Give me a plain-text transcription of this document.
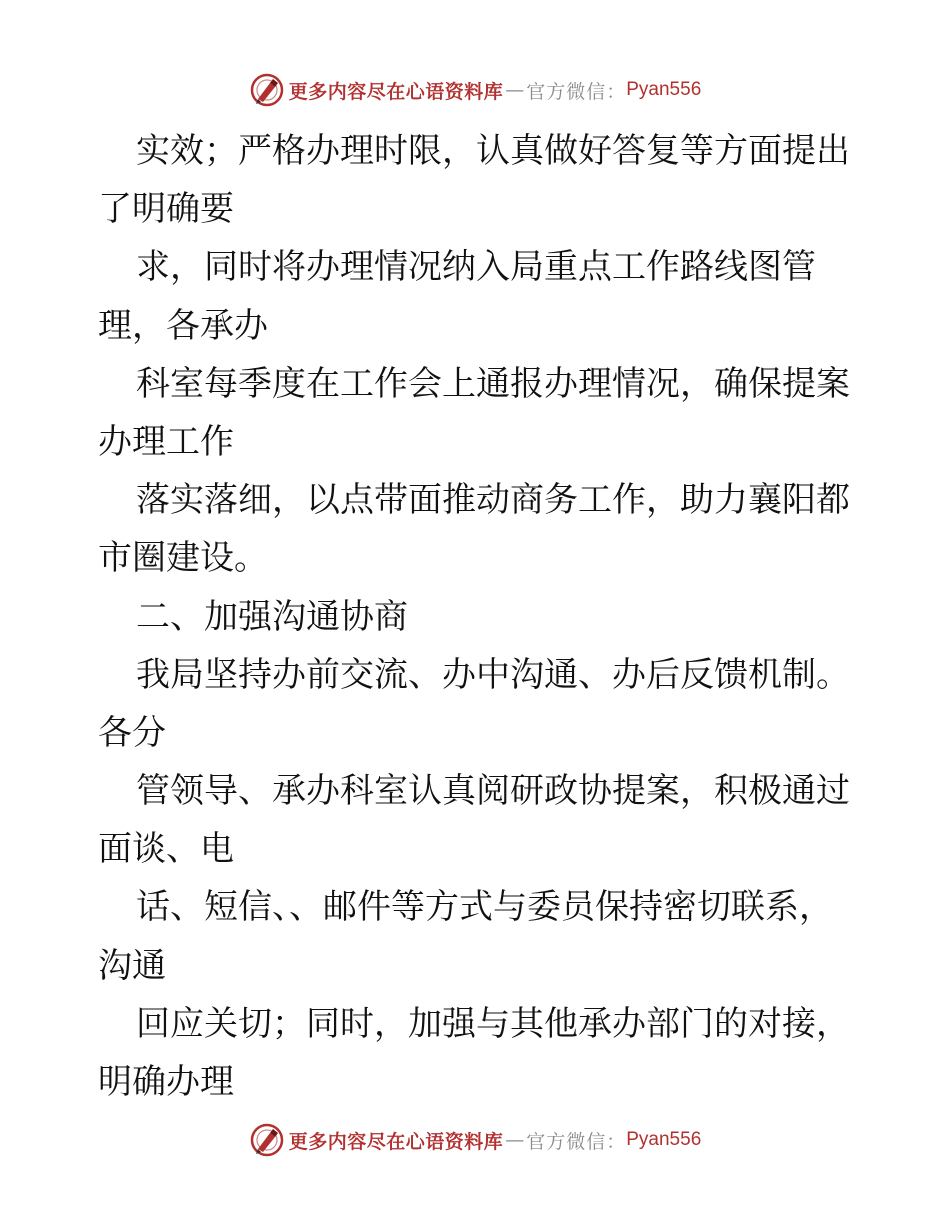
更多内容尽在心语资料库 — 官方微信： Pyan556
实效；严格办理时限，认真做好答复等方面提出
了明确要
求，同时将办理情况纳入局重点工作路线图管
理，各承办
科室每季度在工作会上通报办理情况，确保提案
办理工作
落实落细，以点带面推动商务工作，助力襄阳都
市圈建设。
二、加强沟通协商
我局坚持办前交流、办中沟通、办后反馈机制。
各分
管领导、承办科室认真阅研政协提案，积极通过
面谈、电
话、短信、、邮件等方式与委员保持密切联系，
沟通
回应关切；同时，加强与其他承办部门的对接，
明确办理
更多内容尽在心语资料库 — 官方微信： Pyan556
